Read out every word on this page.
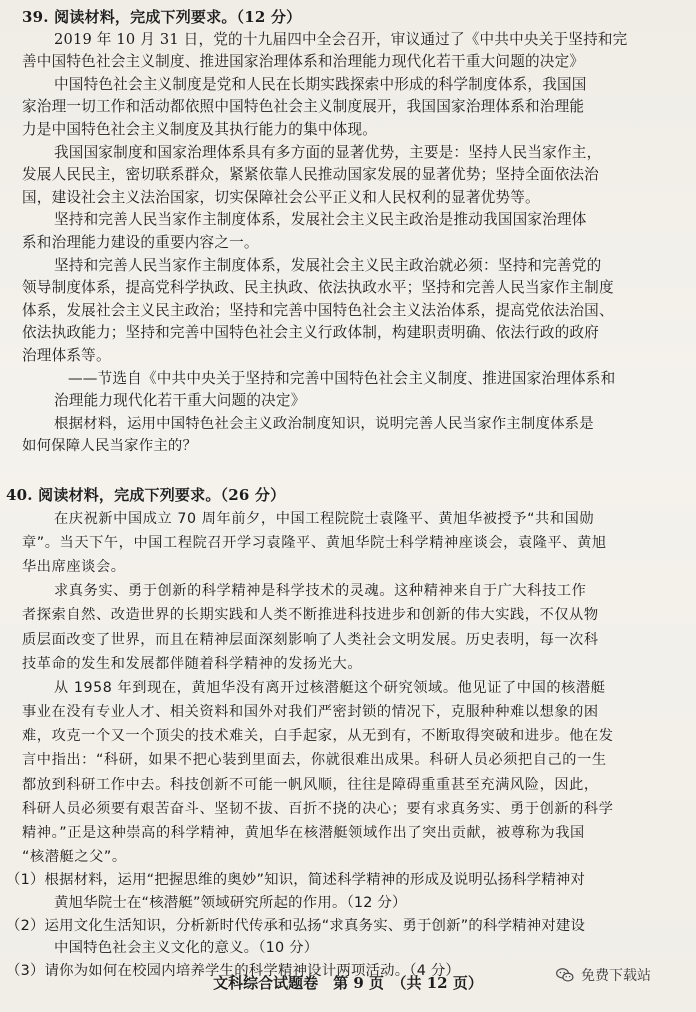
39. 阅读材料，完成下列要求。（12 分）
2019 年 10 月 31 日，党的十九届四中全会召开，审议通过了《中共中央关于坚持和完
善中国特色社会主义制度、推进国家治理体系和治理能力现代化若干重大问题的决定》
中国特色社会主义制度是党和人民在长期实践探索中形成的科学制度体系，我国国
家治理一切工作和活动都依照中国特色社会主义制度展开，我国国家治理体系和治理能
力是中国特色社会主义制度及其执行能力的集中体现。
我国国家制度和国家治理体系具有多方面的显著优势，主要是：坚持人民当家作主，
发展人民民主，密切联系群众，紧紧依靠人民推动国家发展的显著优势；坚持全面依法治
国，建设社会主义法治国家，切实保障社会公平正义和人民权利的显著优势等。
坚持和完善人民当家作主制度体系，发展社会主义民主政治是推动我国国家治理体
系和治理能力建设的重要内容之一。
坚持和完善人民当家作主制度体系，发展社会主义民主政治就必须：坚持和完善党的
领导制度体系，提高党科学执政、民主执政、依法执政水平；坚持和完善人民当家作主制度
体系，发展社会主义民主政治；坚持和完善中国特色社会主义法治体系，提高党依法治国、
依法执政能力；坚持和完善中国特色社会主义行政体制，构建职责明确、依法行政的政府
治理体系等。
——节选自《中共中央关于坚持和完善中国特色社会主义制度、推进国家治理体系和
治理能力现代化若干重大问题的决定》
根据材料，运用中国特色社会主义政治制度知识，说明完善人民当家作主制度体系是
如何保障人民当家作主的？
40. 阅读材料，完成下列要求。（26 分）
在庆祝新中国成立 70 周年前夕，中国工程院院士袁隆平、黄旭华被授予“共和国勋
章”。当天下午，中国工程院召开学习袁隆平、黄旭华院士科学精神座谈会，袁隆平、黄旭
华出席座谈会。
求真务实、勇于创新的科学精神是科学技术的灵魂。这种精神来自于广大科技工作
者探索自然、改造世界的长期实践和人类不断推进科技进步和创新的伟大实践，不仅从物
质层面改变了世界，而且在精神层面深刻影响了人类社会文明发展。历史表明，每一次科
技革命的发生和发展都伴随着科学精神的发扬光大。
从 1958 年到现在，黄旭华没有离开过核潜艇这个研究领域。他见证了中国的核潜艇
事业在没有专业人才、相关资料和国外对我们严密封锁的情况下，克服种种难以想象的困
难，攻克一个又一个顶尖的技术难关，白手起家，从无到有，不断取得突破和进步。他在发
言中指出：“科研，如果不把心装到里面去，你就很难出成果。科研人员必须把自己的一生
都放到科研工作中去。科技创新不可能一帆风顺，往往是障碍重重甚至充满风险，因此，
科研人员必须要有艰苦奋斗、坚韧不拔、百折不挠的决心；要有求真务实、勇于创新的科学
精神。”正是这种崇高的科学精神，黄旭华在核潜艇领域作出了突出贡献，被尊称为我国
“核潜艇之父”。
（1）根据材料，运用“把握思维的奥妙”知识，简述科学精神的形成及说明弘扬科学精神对
黄旭华院士在“核潜艇”领域研究所起的作用。（12 分）
（2）运用文化生活知识，分析新时代传承和弘扬“求真务实、勇于创新”的科学精神对建设
中国特色社会主义文化的意义。（10 分）
（3）请你为如何在校园内培养学生的科学精神设计两项活动。（4 分）
文科综合试题卷　第 9 页　（共 12 页）	免费下载站
